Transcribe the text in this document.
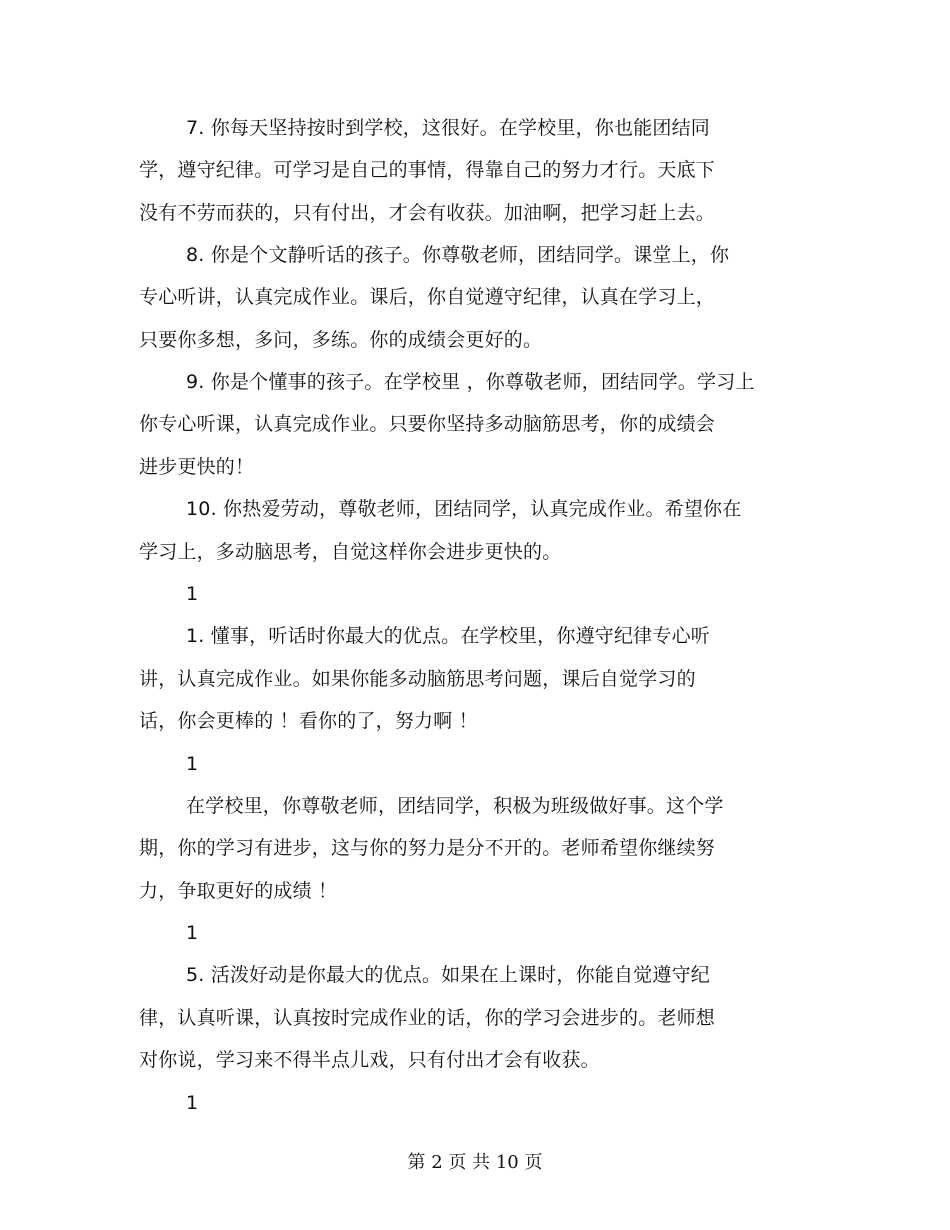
7. 你每天坚持按时到学校，这很好。在学校里，你也能团结同
学，遵守纪律。可学习是自己的事情，得靠自己的努力才行。天底下
没有不劳而获的，只有付出，才会有收获。加油啊，把学习赶上去。
8. 你是个文静听话的孩子。你尊敬老师，团结同学。课堂上，你
专心听讲，认真完成作业。课后，你自觉遵守纪律，认真在学习上，
只要你多想，多问，多练。你的成绩会更好的。
9. 你是个懂事的孩子。在学校里 ，你尊敬老师，团结同学。学习上
你专心听课，认真完成作业。只要你坚持多动脑筋思考，你的成绩会
进步更快的！
10. 你热爱劳动，尊敬老师，团结同学，认真完成作业。希望你在
学习上，多动脑思考，自觉这样你会进步更快的。
1
1. 懂事，听话时你最大的优点。在学校里，你遵守纪律专心听
讲，认真完成作业。如果你能多动脑筋思考问题，课后自觉学习的
话，你会更棒的 ！看你的了，努力啊 ！
1
在学校里，你尊敬老师，团结同学，积极为班级做好事。这个学
期，你的学习有进步，这与你的努力是分不开的。老师希望你继续努
力，争取更好的成绩 ！
1
5. 活泼好动是你最大的优点。如果在上课时，你能自觉遵守纪
律，认真听课，认真按时完成作业的话，你的学习会进步的。老师想
对你说，学习来不得半点儿戏，只有付出才会有收获。
1
第 2 页 共 10 页
